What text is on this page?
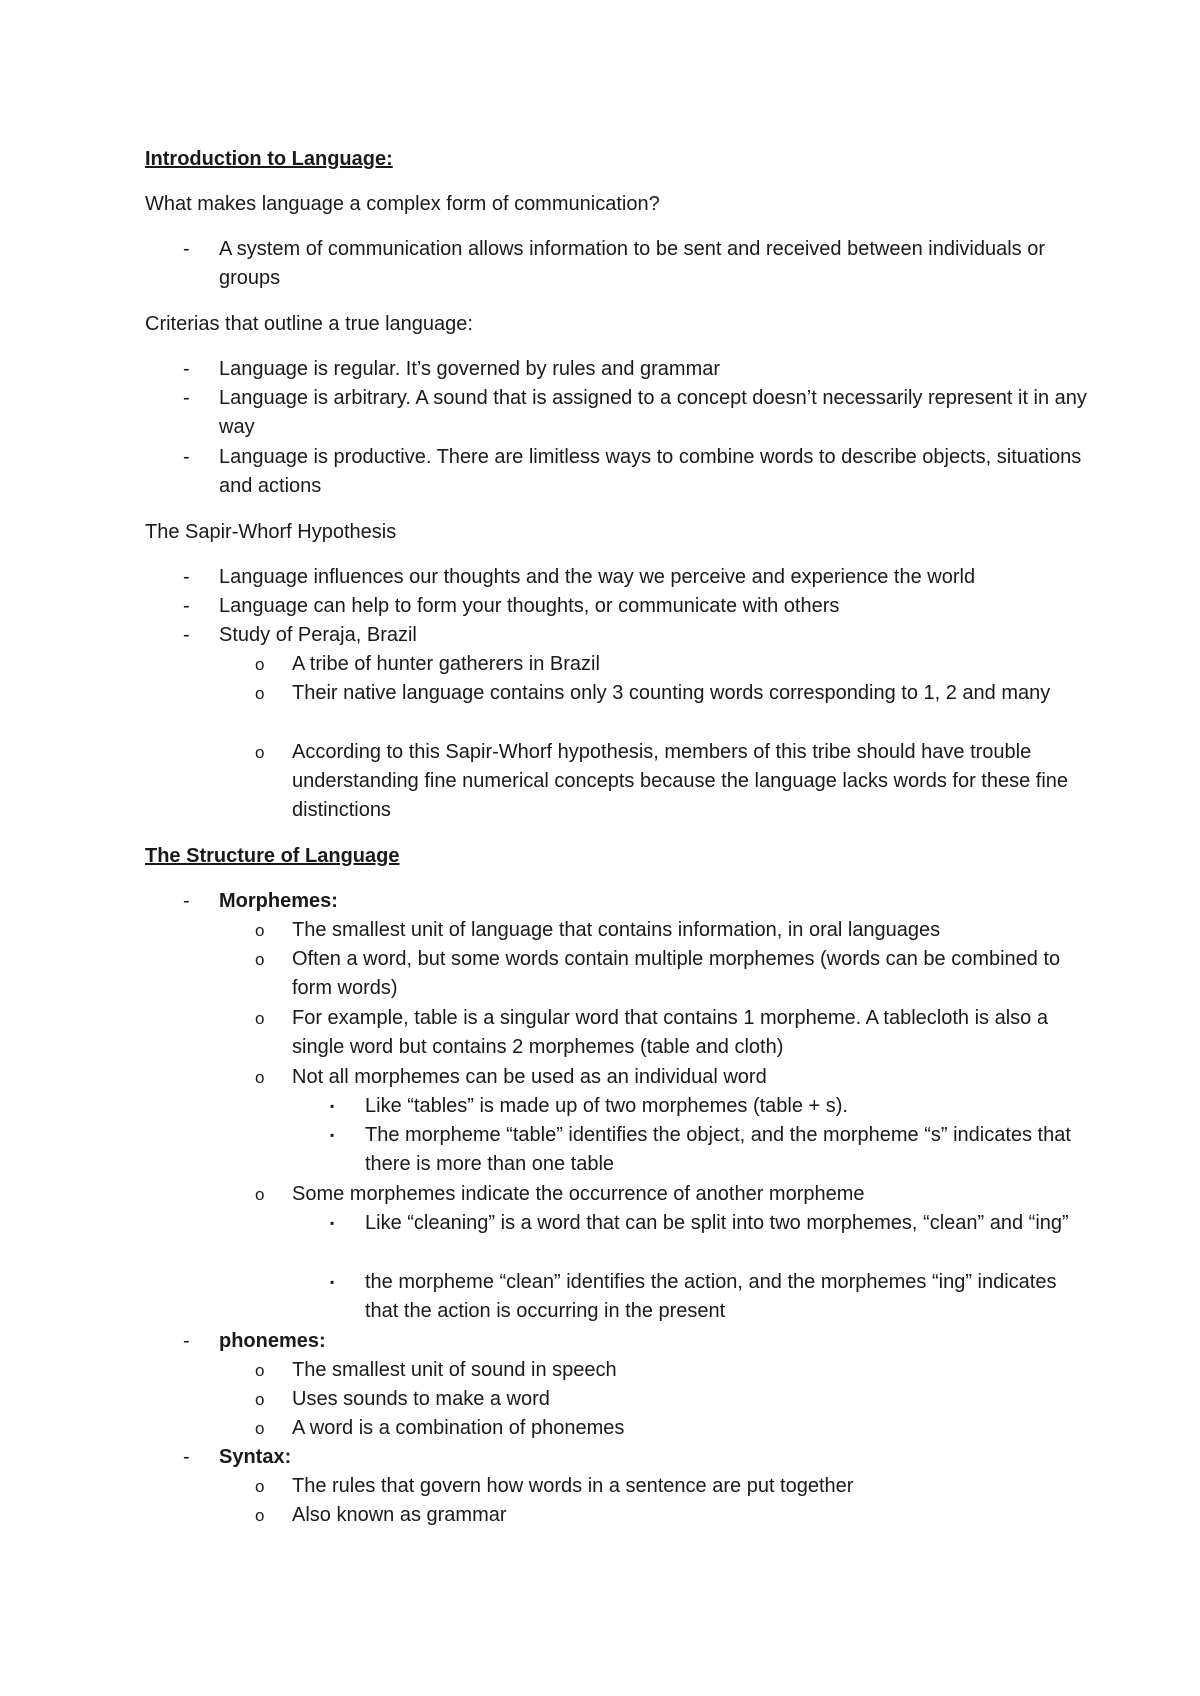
Introduction to Language:
What makes language a complex form of communication?
- A system of communication allows information to be sent and received between individuals or groups
Criterias that outline a true language:
- Language is regular. It’s governed by rules and grammar
- Language is arbitrary. A sound that is assigned to a concept doesn’t necessarily represent it in any way
- Language is productive. There are limitless ways to combine words to describe objects, situations and actions
The Sapir-Whorf Hypothesis
- Language influences our thoughts and the way we perceive and experience the world
- Language can help to form your thoughts, or communicate with others
- Study of Peraja, Brazil
o A tribe of hunter gatherers in Brazil
o Their native language contains only 3 counting words corresponding to 1, 2 and many
o According to this Sapir-Whorf hypothesis, members of this tribe should have trouble understanding fine numerical concepts because the language lacks words for these fine distinctions
The Structure of Language
- Morphemes:
o The smallest unit of language that contains information, in oral languages
o Often a word, but some words contain multiple morphemes (words can be combined to form words)
o For example, table is a singular word that contains 1 morpheme. A tablecloth is also a single word but contains 2 morphemes (table and cloth)
o Not all morphemes can be used as an individual word
▪ Like “tables” is made up of two morphemes (table + s).
▪ The morpheme “table” identifies the object, and the morpheme “s” indicates that there is more than one table
o Some morphemes indicate the occurrence of another morpheme
▪ Like “cleaning” is a word that can be split into two morphemes, “clean” and “ing”
▪ the morpheme “clean” identifies the action, and the morphemes “ing” indicates that the action is occurring in the present
- phonemes:
o The smallest unit of sound in speech
o Uses sounds to make a word
o A word is a combination of phonemes
- Syntax:
o The rules that govern how words in a sentence are put together
o Also known as grammar
